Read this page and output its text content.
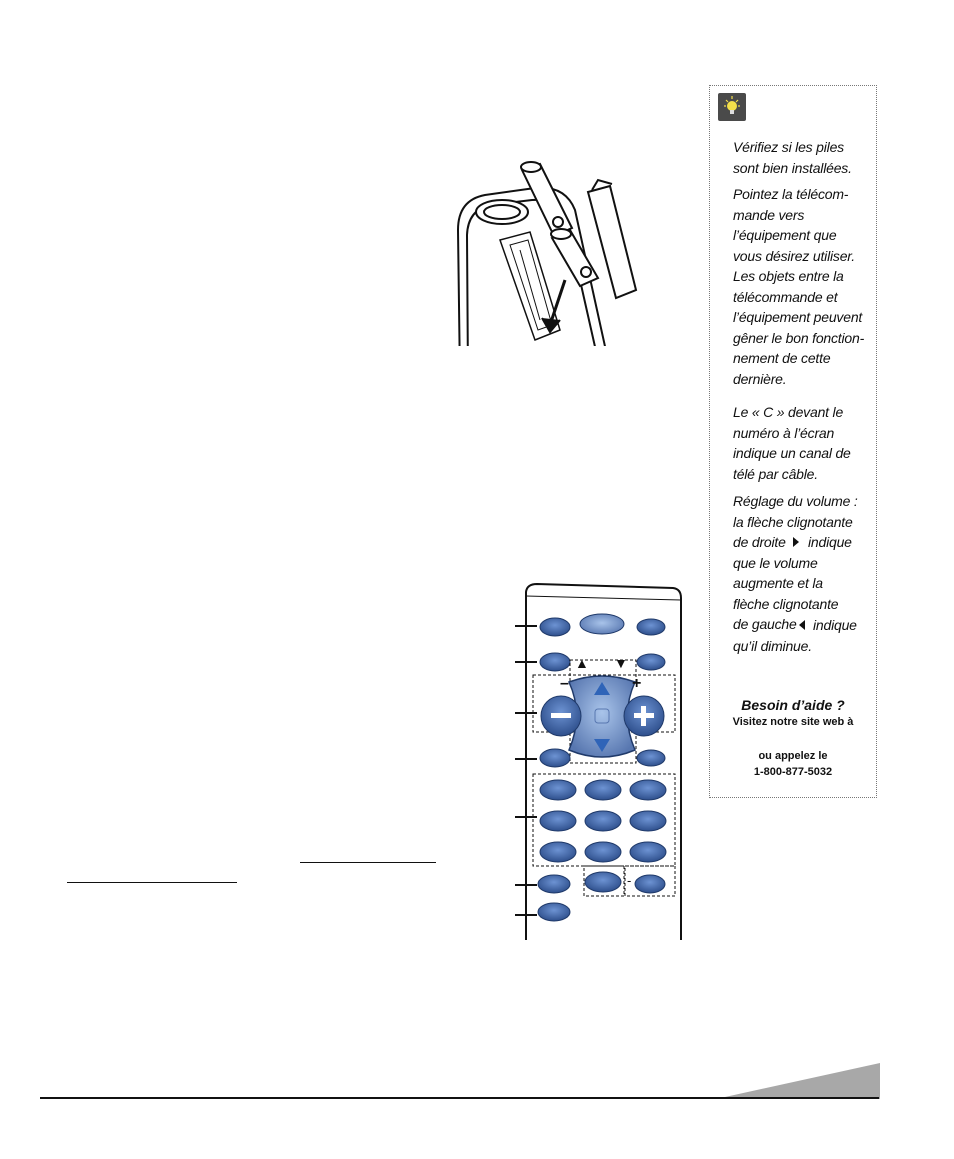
▲ ▼
–	+
-

Vérifiez si les piles
sont bien installées.

Pointez la télécom-
mande vers
l’équipement que
vous désirez utiliser.
Les objets entre la
télécommande et
l’équipement peuvent
gêner le bon fonction-
nement de cette
dernière.

Le « C » devant le
numéro à l’écran
indique un canal de
télé par câble.

Réglage du volume :
la flèche clignotante
de droite	indique
que le volume
augmente et la
flèche clignotante
de gauche	indique
qu’il diminue.

Besoin d’aide ?
Visitez notre site web à
ou appelez le
1-800-877-5032
